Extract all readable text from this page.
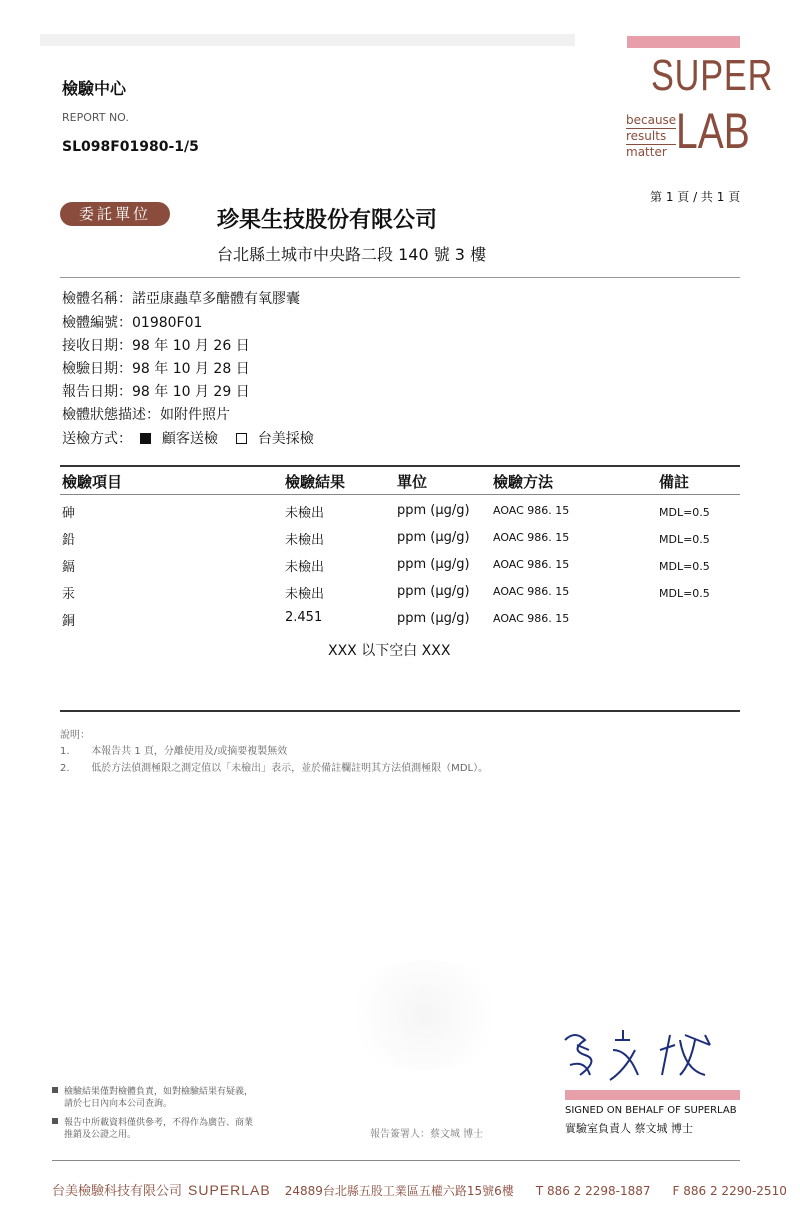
SUPER
LAB
because
results
matter
檢驗中心
REPORT NO.
SL098F01980-1/5
第 1 頁 / 共 1 頁
委託單位	珍果生技股份有限公司
台北縣土城市中央路二段 140 號 3 樓
檢體名稱：諾亞康蟲草多醣體有氧膠囊
檢體編號：01980F01
接收日期：98 年 10 月 26 日
檢驗日期：98 年 10 月 28 日
報告日期：98 年 10 月 29 日
檢體狀態描述：如附件照片
送檢方式： 顧客送檢	台美採檢
檢驗項目	檢驗結果	單位	檢驗方法	備註
砷	未檢出	ppm (μg/g) AOAC 986. 15	MDL=0.5
鉛	未檢出	ppm (μg/g) AOAC 986. 15	MDL=0.5
鎘	未檢出	ppm (μg/g) AOAC 986. 15	MDL=0.5
汞	未檢出	ppm (μg/g) AOAC 986. 15	MDL=0.5
銅	2.451	ppm (μg/g) AOAC 986. 15
XXX 以下空白 XXX
說明：
1. 本報告共 1 頁，分離使用及/或摘要複製無效
2. 低於方法偵測極限之測定值以「未檢出」表示，並於備註欄註明其方法偵測極限（MDL）。
SIGNED ON BEHALF OF SUPERLAB
實驗室負責人 蔡文城 博士
報告簽署人：蔡文城 博士
檢驗結果僅對檢體負責，如對檢驗結果有疑義，
請於七日內向本公司查詢。
報告中所載資料僅供參考，不得作為廣告、商業
推銷及公證之用。
台美檢驗科技有限公司 SUPERLAB 24889台北縣五股工業區五權六路15號6樓 T 886 2 2298-1887 F 886 2 2290-2510
